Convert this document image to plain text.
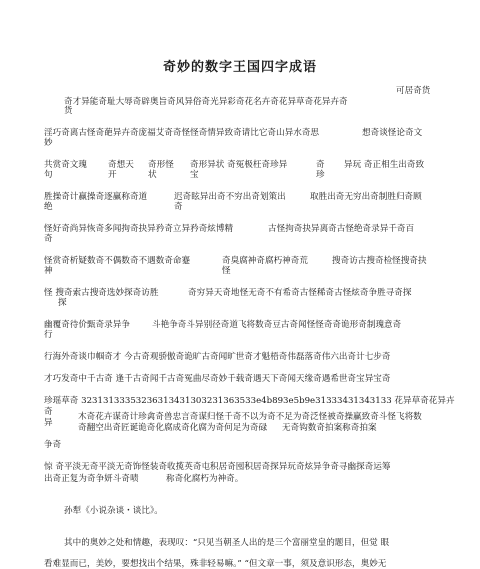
奇妙的数字王国四字成语
可居奇货
奇才异能奇耻大辱奇辟奥旨奇风异俗奇光异彩奇花名卉奇花异草奇花异卉奇
货
淫巧奇离古怪奇葩异卉奇庞福艾奇奇怪怪奇情异致奇请比它奇山异水奇思	想奇谈怪论奇文
妙
共赏奇文瑰 奇想天 奇形怪 奇形异状 奇冤极枉奇珍异	奇 异玩 奇正相生出奇致
句	开	状	宝	珍
胜操奇计赢操奇逐赢称奇道	迟奇眩异出奇不穷出奇划策出	取胜出奇无穷出奇制胜归奇顾
绝	奇
怪好奇尚异恢奇多闻拘奇抉异矜奇立异矜奇炫博精	古怪拘奇抉异离奇古怪绝奇录异千奇百
奇
怪赏奇析疑数奇不偶数奇不遇数奇命蹇	奇臭腐神奇腐朽神奇荒	搜奇访古搜奇检怪搜奇抉
神	怪
怪 搜奇索古搜奇选妙探奇访胜	奇穷异天奇地怪无奇不有希奇古怪稀奇古怪炫奇争胜寻奇探
探
幽覆奇待价甄奇录异争	斗艳争奇斗异别径奇道飞将数奇豆古奇闻怪怪奇奇诡形奇制瑰意奇
行
行海外奇谈巾帼奇才 今古奇观骄傲奇诡旷古奇闻旷世奇才魁梧奇伟磊落奇伟六出奇计七步奇
才巧发奇中千古奇 逢千古奇闻千古奇冤曲尽奇妙千载奇遇天下奇闻天缘奇遇希世奇宝异宝奇
珍瑶草奇 32313133353236313431303231363533e4b893e5b9e31333431343133 花异草奇花异卉
奇	木奇花卉谋奇计珍禽奇兽忠言奇谋归怪千奇不以为奇不足为奇泛怪被奇操赢致奇斗怪飞将数
异	奇翻空出奇匠诞诡奇化腐成奇化腐为奇何足为奇碌 无奇钩数奇拍案称奇拍案
争奇
惊 奇平淡无奇平淡无奇饰怪装奇收揽英奇屯积居奇囤积居奇探异玩奇炫异争奇寻幽探奇运筹
出奇正复为奇争妍斗奇啧	称奇化腐朽为神奇。
孙犁《小说杂谈・谈比》。
其中的奥妙之处和情趣，表现叹：“只见当朝圣人出的是三个富丽堂皇的题目，但觉 眼
看难显而已，美妙，要想找出个结果，殊非轻易嘛。” “但文章一事，须及意识形态，奥妙无
